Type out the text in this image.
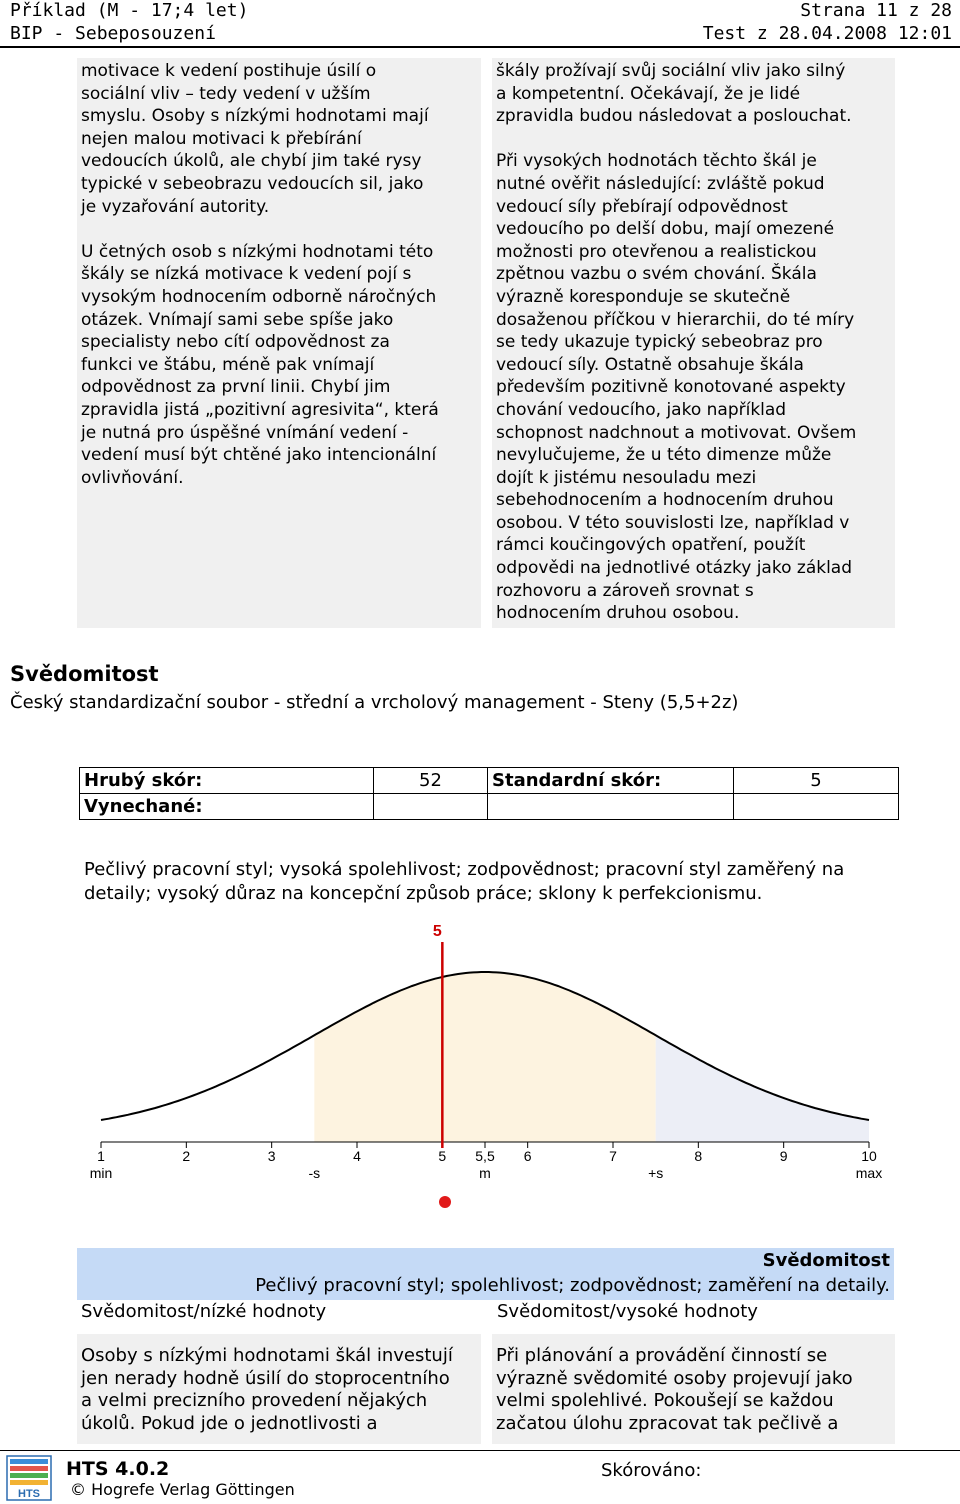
Příklad (M - 17;4 let)	Strana 11 z 28
BIP - Sebeposouzení	Test z 28.04.2008 12:01

motivace k vedení postihuje úsilí o
sociální vliv – tedy vedení v užším
smyslu. Osoby s nízkými hodnotami mají
nejen malou motivaci k přebírání
vedoucích úkolů, ale chybí jim také rysy
typické v sebeobrazu vedoucích sil, jako
je vyzařování autority.

U četných osob s nízkými hodnotami této
škály se nízká motivace k vedení pojí s
vysokým hodnocením odborně náročných
otázek. Vnímají sami sebe spíše jako
specialisty nebo cítí odpovědnost za
funkci ve štábu, méně pak vnímají
odpovědnost za první linii. Chybí jim
zpravidla jistá „pozitivní agresivita“, která
je nutná pro úspěšné vnímání vedení -
vedení musí být chtěné jako intencionální
ovlivňování.

škály prožívají svůj sociální vliv jako silný
a kompetentní. Očekávají, že je lidé
zpravidla budou následovat a poslouchat.

Při vysokých hodnotách těchto škál je
nutné ověřit následující: zvláště pokud
vedoucí síly přebírají odpovědnost
vedoucího po delší dobu, mají omezené
možnosti pro otevřenou a realistickou
zpětnou vazbu o svém chování. Škála
výrazně koresponduje se skutečně
dosaženou příčkou v hierarchii, do té míry
se tedy ukazuje typický sebeobraz pro
vedoucí síly. Ostatně obsahuje škála
především pozitivně konotované aspekty
chování vedoucího, jako například
schopnost nadchnout a motivovat. Ovšem
nevylučujeme, že u této dimenze může
dojít k jistému nesouladu mezi
sebehodnocením a hodnocením druhou
osobou. V této souvislosti lze, například v
rámci koučingových opatření, použít
odpovědi na jednotlivé otázky jako základ
rozhovoru a zároveň srovnat s
hodnocením druhou osobou.

Svědomitost
Český standardizační soubor - střední a vrcholový management - Steny (5,5+2z)
Hrubý skór:	52	Standardní skór:	5
Vynechané:			
Pečlivý pracovní styl; vysoká spolehlivost; zodpovědnost; pracovní styl zaměřený na detaily; vysoký důraz na koncepční způsob práce; sklony k perfekcionismu.
1	2	3	4	5 5,5 6	7	8	9	10
min	-s	m	+s	max
5
Svědomitost
Pečlivý pracovní styl; spolehlivost; zodpovědnost; zaměření na detaily.
Svědomitost/nízké hodnoty	Svědomitost/vysoké hodnoty

Osoby s nízkými hodnotami škál investují
jen nerady hodně úsilí do stoprocentního
a velmi precizního provedení nějakých
úkolů. Pokud jde o jednotlivosti a

Při plánování a provádění činností se
výrazně svědomité osoby projevují jako
velmi spolehlivé. Pokoušejí se každou
začatou úlohu zpracovat tak pečlivě a

HTS
HTS 4.0.2
© Hogrefe Verlag Göttingen
Skórováno:
